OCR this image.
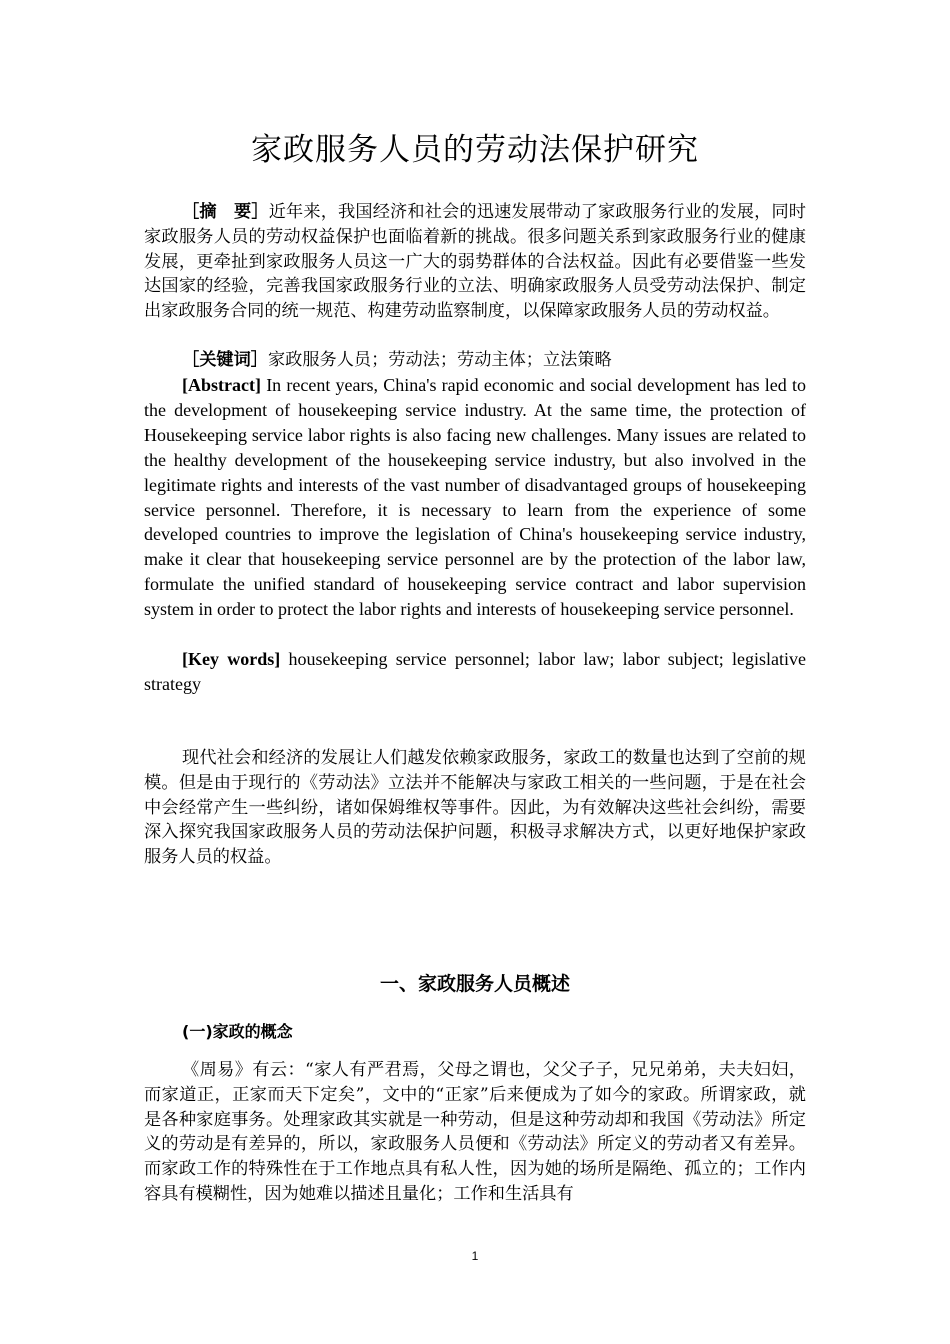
家政服务人员的劳动法保护研究

［摘　要］近年来，我国经济和社会的迅速发展带动了家政服务行业的发展，同时家政服务人员的劳动权益保护也面临着新的挑战。很多问题关系到家政服务行业的健康发展，更牵扯到家政服务人员这一广大的弱势群体的合法权益。因此有必要借鉴一些发达国家的经验，完善我国家政服务行业的立法、明确家政服务人员受劳动法保护、制定出家政服务合同的统一规范、构建劳动监察制度，以保障家政服务人员的劳动权益。

［关键词］家政服务人员；劳动法；劳动主体；立法策略

[Abstract] In recent years, China's rapid economic and social development has led to the development of housekeeping service industry. At the same time, the protection of Housekeeping service labor rights is also facing new challenges. Many issues are related to the healthy development of the housekeeping service industry, but also involved in the legitimate rights and interests of the vast number of disadvantaged groups of housekeeping service personnel. Therefore, it is necessary to learn from the experience of some developed countries to improve the legislation of China's housekeeping service industry, make it clear that housekeeping service personnel are by the protection of the labor law, formulate the unified standard of housekeeping service contract and labor supervision system in order to protect the labor rights and interests of housekeeping service personnel.

[Key words] housekeeping service personnel; labor law; labor subject; legislative strategy

现代社会和经济的发展让人们越发依赖家政服务，家政工的数量也达到了空前的规模。但是由于现行的《劳动法》立法并不能解决与家政工相关的一些问题，于是在社会中会经常产生一些纠纷，诸如保姆维权等事件。因此，为有效解决这些社会纠纷，需要深入探究我国家政服务人员的劳动法保护问题，积极寻求解决方式，以更好地保护家政服务人员的权益。

一、家政服务人员概述
(一)家政的概念

《周易》有云：“家人有严君焉，父母之谓也，父父子子，兄兄弟弟，夫夫妇妇，而家道正，正家而天下定矣”，文中的“正家”后来便成为了如今的家政。所谓家政，就是各种家庭事务。处理家政其实就是一种劳动，但是这种劳动却和我国《劳动法》所定义的劳动是有差异的，所以，家政服务人员便和《劳动法》所定义的劳动者又有差异。而家政工作的特殊性在于工作地点具有私人性，因为她的场所是隔绝、孤立的；工作内容具有模糊性，因为她难以描述且量化；工作和生活具有

1
